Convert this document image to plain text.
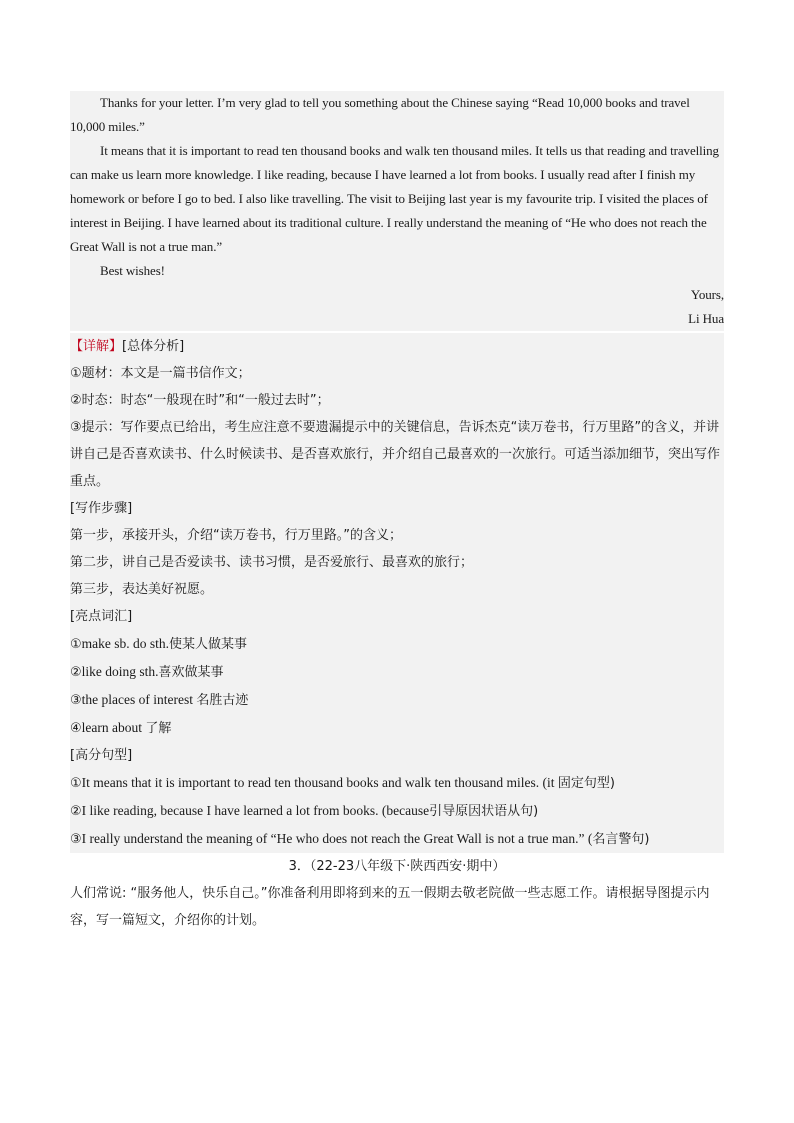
Thanks for your letter. I’m very glad to tell you something about the Chinese saying “Read 10,000 books and travel 10,000 miles.”

It means that it is important to read ten thousand books and walk ten thousand miles. It tells us that reading and travelling can make us learn more knowledge. I like reading, because I have learned a lot from books. I usually read after I finish my homework or before I go to bed. I also like travelling. The visit to Beijing last year is my favourite trip. I visited the places of interest in Beijing. I have learned about its traditional culture. I really understand the meaning of “He who does not reach the Great Wall is not a true man.”

Best wishes!

Yours,

Li Hua

【详解】[总体分析]

①题材：本文是一篇书信作文；

②时态：时态“一般现在时”和“一般过去时”；

③提示：写作要点已给出，考生应注意不要遗漏提示中的关键信息，告诉杰克“读万卷书，行万里路”的含义，并讲讲自己是否喜欢读书、什么时候读书、是否喜欢旅行，并介绍自己最喜欢的一次旅行。可适当添加细节，突出写作重点。

[写作步骤]

第一步，承接开头，介绍“读万卷书，行万里路。”的含义；

第二步，讲自己是否爱读书、读书习惯，是否爱旅行、最喜欢的旅行；

第三步，表达美好祝愿。

[亮点词汇]

①make sb. do sth.使某人做某事

②like doing sth.喜欢做某事

③the places of interest 名胜古迹

④learn about 了解

[高分句型]

①It means that it is important to read ten thousand books and walk ten thousand miles. (it 固定句型)

②I like reading, because I have learned a lot from books. (because引导原因状语从句)

③I really understand the meaning of “He who does not reach the Great Wall is not a true man.” (名言警句)

3．（22-23八年级下·陕西西安·期中）

人们常说: “服务他人，快乐自己。”你准备利用即将到来的五一假期去敬老院做一些志愿工作。请根据导图提示内容，写一篇短文，介绍你的计划。
